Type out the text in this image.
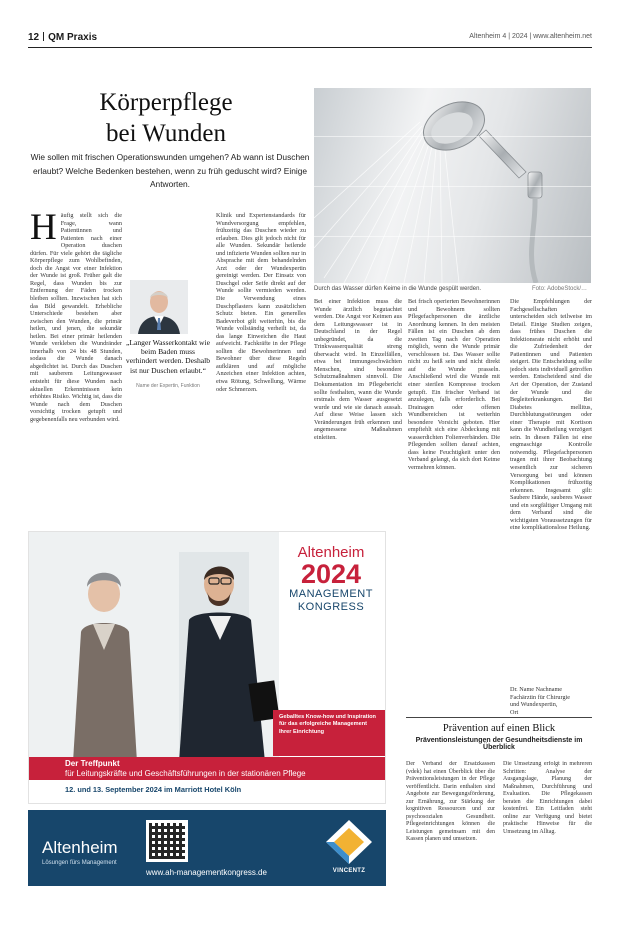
12 QM Praxis	Altenheim 4 | 2024 | www.altenheim.net
Körperpflege
bei Wunden
Wie sollen mit frischen Operationswunden umgehen? Ab wann ist Duschen erlaubt? Welche Bedenken bestehen, wenn zu früh geduscht wird? Einige Antworten.
Durch das Wasser dürfen Keime in die Wunde gespült werden.	Foto: AdobeStock/…
Häufig stellt sich die Frage, wann Patientinnen und Patienten nach einer Operation duschen dürfen. Für viele gehört die tägliche Körperpflege zum Wohlbefinden, doch die Angst vor einer Infektion der Wunde ist groß. Früher galt die Regel, dass Wunden bis zur Entfernung der Fäden trocken bleiben sollten. Inzwischen hat sich das Bild gewandelt. Erhebliche Unterschiede bestehen aber zwischen den Wunden, die primär heilen, und jenen, die sekundär heilen. Bei einer primär heilenden Wunde verkleben die Wundränder innerhalb von 24 bis 48 Stunden, sodass die Wunde danach abgedichtet ist. Durch das Duschen mit sauberem Leitungswasser entsteht für diese Wunden nach aktuellen Erkenntnissen kein erhöhtes Risiko. Wichtig ist, dass die Wunde nach dem Duschen vorsichtig trocken getupft und gegebenenfalls neu verbunden wird.
„Langer Wasserkontakt wie beim Baden muss verhindert werden. Deshalb ist nur Duschen erlaubt.“
Name der Expertin, Funktion
Klinik und Expertenstandards für Wundversorgung empfehlen, frühzeitig das Duschen wieder zu erlauben. Dies gilt jedoch nicht für alle Wunden. Sekundär heilende und infizierte Wunden sollten nur in Absprache mit dem behandelnden Arzt oder der Wundexpertin gereinigt werden. Der Einsatz von Duschgel oder Seife direkt auf der Wunde sollte vermieden werden. Die Verwendung eines Duschpflasters kann zusätzlichen Schutz bieten. Ein generelles Badeverbot gilt weiterhin, bis die Wunde vollständig verheilt ist, da das lange Einweichen die Haut aufweicht. Fachkräfte in der Pflege sollten die Bewohnerinnen und Bewohner über diese Regeln aufklären und auf mögliche Anzeichen einer Infektion achten, etwa Rötung, Schwellung, Wärme oder Schmerzen.
Bei einer Infektion muss die Wunde ärztlich begutachtet werden. Die Angst vor Keimen aus dem Leitungswasser ist in Deutschland in der Regel unbegründet, da die Trinkwasserqualität streng überwacht wird. In Einzelfällen, etwa bei immungeschwächten Menschen, sind besondere Schutzmaßnahmen sinnvoll. Die Dokumentation im Pflegebericht sollte festhalten, wann die Wunde erstmals dem Wasser ausgesetzt wurde und wie sie danach aussah. Auf diese Weise lassen sich Veränderungen früh erkennen und angemessene Maßnahmen einleiten.
Bei frisch operierten Bewohnerinnen und Bewohnern sollten Pflegefachpersonen die ärztliche Anordnung kennen. In den meisten Fällen ist ein Duschen ab dem zweiten Tag nach der Operation möglich, wenn die Wunde primär verschlossen ist. Das Wasser sollte nicht zu heiß sein und nicht direkt auf die Wunde prasseln. Anschließend wird die Wunde mit einer sterilen Kompresse trocken getupft. Ein frischer Verband ist anzulegen, falls erforderlich. Bei Drainagen oder offenen Wundbereichen ist weiterhin besondere Vorsicht geboten. Hier empfiehlt sich eine Abdeckung mit wasserdichten Folienverbänden. Die Pflegenden sollten darauf achten, dass keine Feuchtigkeit unter den Verband gelangt, da sich dort Keime vermehren können.
Die Empfehlungen der Fachgesellschaften unterscheiden sich teilweise im Detail. Einige Studien zeigen, dass frühes Duschen die Infektionsrate nicht erhöht und die Zufriedenheit der Patientinnen und Patienten steigert. Die Entscheidung sollte jedoch stets individuell getroffen werden. Entscheidend sind die Art der Operation, der Zustand der Wunde und die Begleiterkrankungen. Bei Diabetes mellitus, Durchblutungsstörungen oder einer Therapie mit Kortison kann die Wundheilung verzögert sein. In diesen Fällen ist eine engmaschige Kontrolle notwendig. Pflegefachpersonen tragen mit ihrer Beobachtung wesentlich zur sicheren Versorgung bei und können Komplikationen frühzeitig erkennen. Insgesamt gilt: Saubere Hände, sauberes Wasser und ein sorgfältiger Umgang mit dem Verband sind die wichtigsten Voraussetzungen für eine komplikationslose Heilung.
Dr. Name Nachname
Fachärztin für Chirurgie
und Wundexpertin,
Ort
Altenheim
2024
MANAGEMENT
KONGRESS
Geballtes Know-how und Inspiration für das erfolgreiche Management Ihrer Einrichtung
Der Treffpunkt
für Leitungskräfte und Geschäftsführungen in der stationären Pflege
12. und 13. September 2024 im Marriott Hotel Köln
Altenheim
Lösungen fürs Management
www.ah-managementkongress.de	VINCENTZ
Prävention auf einen Blick
Präventionsleistungen der Gesundheitsdienste im Überblick
Der Verband der Ersatzkassen (vdek) hat einen Überblick über die Präventionsleistungen in der Pflege veröffentlicht. Darin enthalten sind Angebote zur Bewegungsförderung, zur Ernährung, zur Stärkung der kognitiven Ressourcen und zur psychosozialen Gesundheit. Pflegeeinrichtungen können die Leistungen gemeinsam mit den Kassen planen und umsetzen.
Die Umsetzung erfolgt in mehreren Schritten: Analyse der Ausgangslage, Planung der Maßnahmen, Durchführung und Evaluation. Die Pflegekassen beraten die Einrichtungen dabei kostenfrei. Ein Leitfaden steht online zur Verfügung und bietet praktische Hinweise für die Umsetzung im Alltag.
